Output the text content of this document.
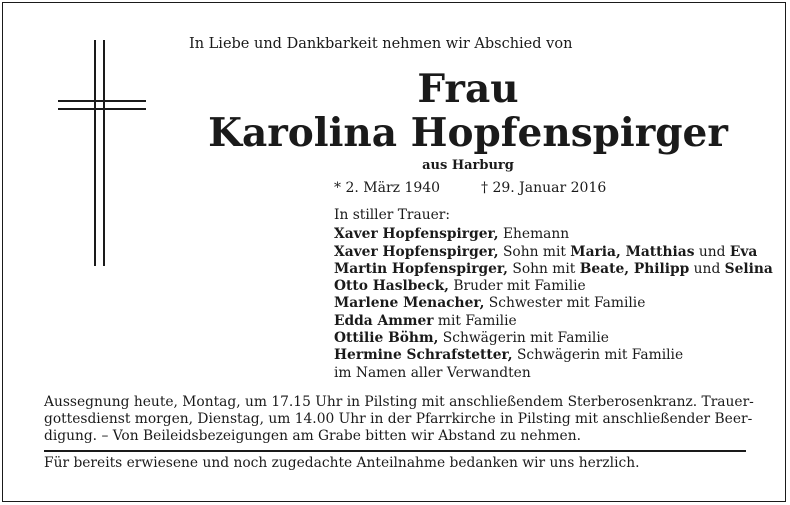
In Liebe und Dankbarkeit nehmen wir Abschied von
Frau
Karolina Hopfenspirger
aus Harburg
* 2. März 1940	† 29. Januar 2016
In stiller Trauer:
Xaver Hopfenspirger, Ehemann
Xaver Hopfenspirger, Sohn mit Maria, Matthias und Eva
Martin Hopfenspirger, Sohn mit Beate, Philipp und Selina
Otto Haslbeck, Bruder mit Familie
Marlene Menacher, Schwester mit Familie
Edda Ammer mit Familie
Ottilie Böhm, Schwägerin mit Familie
Hermine Schrafstetter, Schwägerin mit Familie
im Namen aller Verwandten
Aussegnung heute, Montag, um 17.15 Uhr in Pilsting mit anschließendem Sterberosenkranz. Trauer-
gottesdienst morgen, Dienstag, um 14.00 Uhr in der Pfarrkirche in Pilsting mit anschließender Beer-
digung. – Von Beileidsbezeigungen am Grabe bitten wir Abstand zu nehmen.
Für bereits erwiesene und noch zugedachte Anteilnahme bedanken wir uns herzlich.
